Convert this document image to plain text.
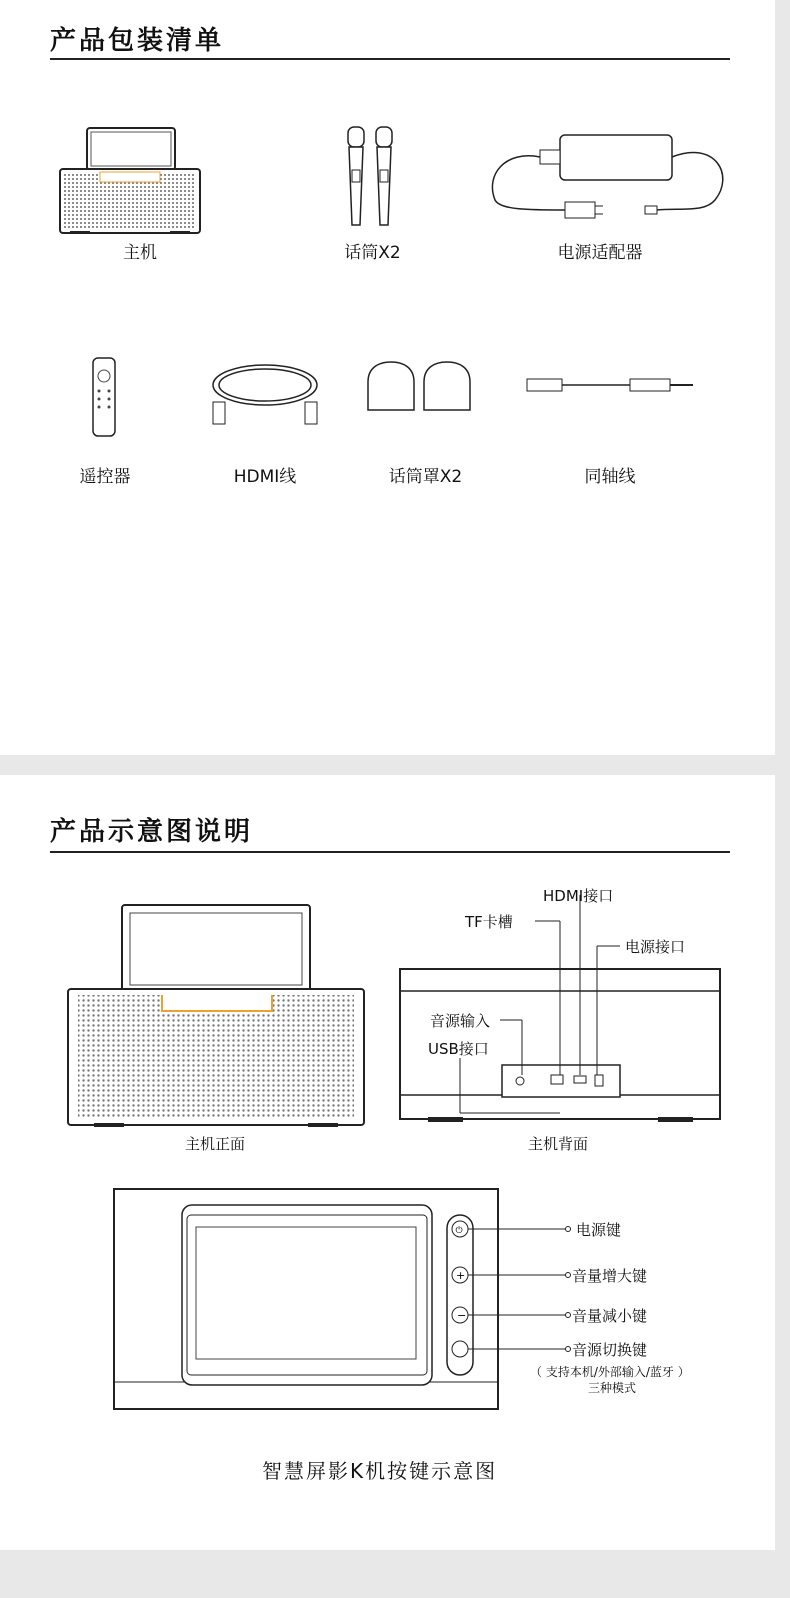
产品包装清单
主机	话筒X2	电源适配器
遥控器	HDMI线	话筒罩X2	同轴线
产品示意图说明
主机正面
HDMI接口
TF卡槽
电源接口
音源输入
USB接口
主机背面
⏻
+
−
电源键
音量增大键
音量减小键
音源切换键
（ 支持本机/外部输入/蓝牙 ）
三种模式
智慧屏影K机按键示意图
